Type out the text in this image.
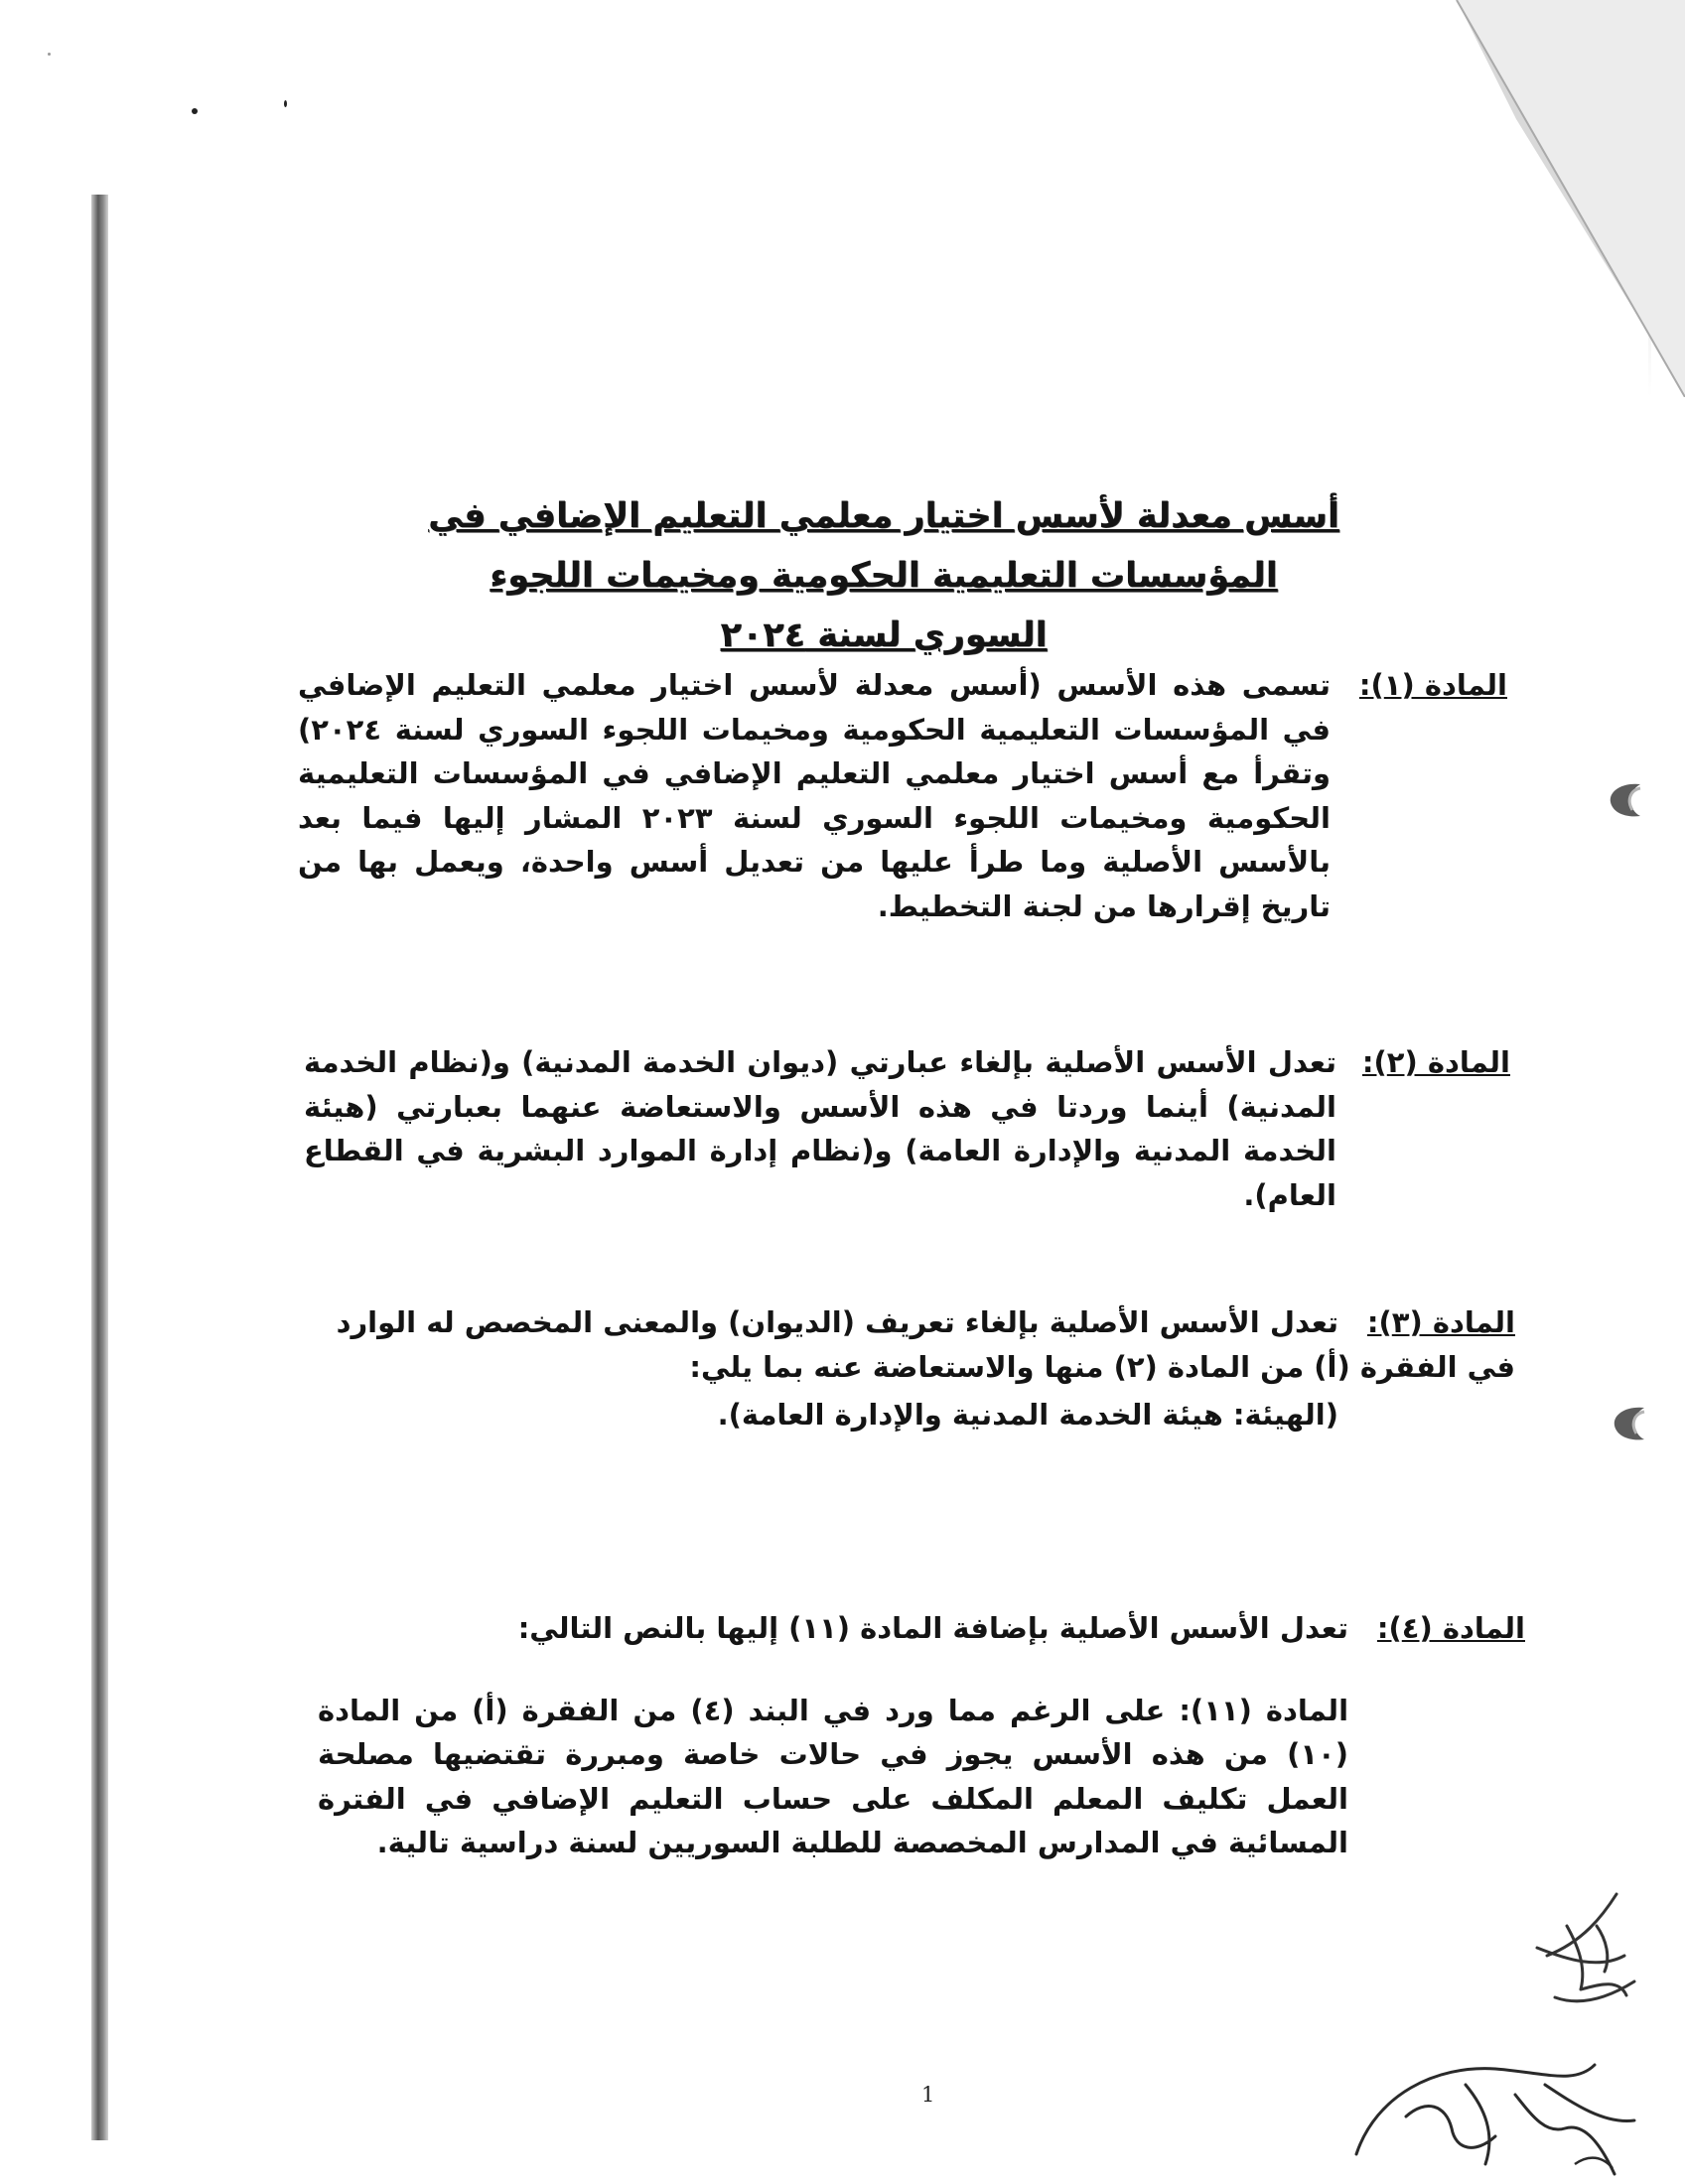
أسس معدلة لأسس اختيار معلمي التعليم الإضافي في
المؤسسات التعليمية الحكومية ومخيمات اللجوء السوري لسنة ٢٠٢٤
المادة (١):
تسمى هذه الأسس (أسس معدلة لأسس اختيار معلمي التعليم الإضافي في المؤسسات التعليمية الحكومية ومخيمات اللجوء السوري لسنة ٢٠٢٤) وتقرأ مع أسس اختيار معلمي التعليم الإضافي في المؤسسات التعليمية الحكومية ومخيمات اللجوء السوري لسنة ٢٠٢٣ المشار إليها فيما بعد بالأسس الأصلية وما طرأ عليها من تعديل أسس واحدة، ويعمل بها من تاريخ إقرارها من لجنة التخطيط.
المادة (٢):
تعدل الأسس الأصلية بإلغاء عبارتي (ديوان الخدمة المدنية) و(نظام الخدمة المدنية) أينما وردتا في هذه الأسس والاستعاضة عنهما بعبارتي (هيئة الخدمة المدنية والإدارة العامة) و(نظام إدارة الموارد البشرية في القطاع العام).
المادة (٣):
تعدل الأسس الأصلية بإلغاء تعريف (الديوان) والمعنى المخصص له الوارد في الفقرة (أ) من المادة (٢) منها والاستعاضة عنه بما يلي:
(الهيئة: هيئة الخدمة المدنية والإدارة العامة).
المادة (٤):
تعدل الأسس الأصلية بإضافة المادة (١١) إليها بالنص التالي:
المادة (١١): على الرغم مما ورد في البند (٤) من الفقرة (أ) من المادة (١٠) من هذه الأسس يجوز في حالات خاصة ومبررة تقتضيها مصلحة العمل تكليف المعلم المكلف على حساب التعليم الإضافي في الفترة المسائية في المدارس المخصصة للطلبة السوريين لسنة دراسية تالية.
1
